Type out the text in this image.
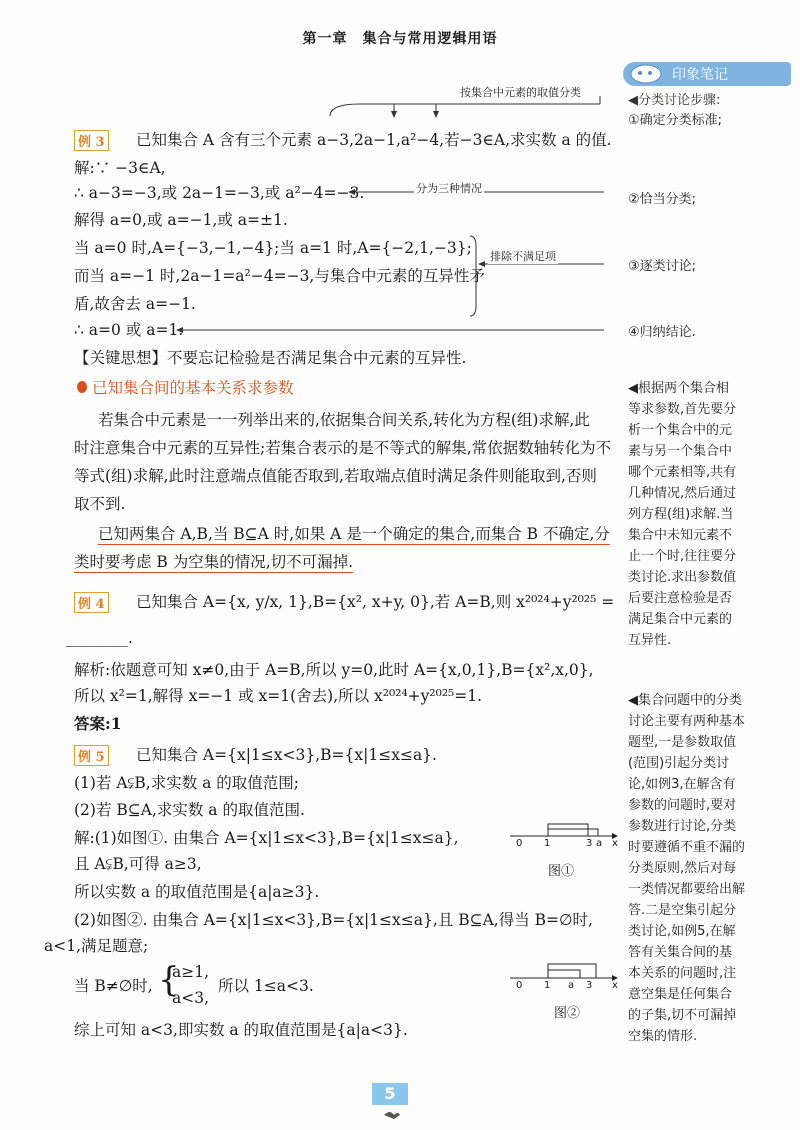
第一章　集合与常用逻辑用语
印象笔记
◀分类讨论步骤:
①确定分类标准;
②恰当分类;
③逐类讨论;
④归纳结论.
◀根据两个集合相
等求参数,首先要分
析一个集合中的元
素与另一个集合中
哪个元素相等,共有
几种情况,然后通过
列方程(组)求解.当
集合中未知元素不
止一个时,往往要分
类讨论.求出参数值
后要注意检验是否
满足集合中元素的
互异性.
◀集合问题中的分类
讨论主要有两种基本
题型,一是参数取值
(范围)引起分类讨
论,如例3,在解含有
参数的问题时,要对
参数进行讨论,分类
时要遵循不重不漏的
分类原则,然后对每
一类情况都要给出解
答.二是空集引起分
类讨论,如例5,在解
答有关集合间的基
本关系的问题时,注
意空集是任何集合
的子集,切不可漏掉
空集的情形.
按集合中元素的取值分类
分为三种情况
排除不满足项
例 3 已知集合 A 含有三个元素 a−3,2a−1,a²−4,若−3∈A,求实数 a 的值.
解:∵ −3∈A,
∴ a−3=−3,或 2a−1=−3,或 a²−4=−3.
解得 a=0,或 a=−1,或 a=±1.
当 a=0 时,A={−3,−1,−4};当 a=1 时,A={−2,1,−3};
而当 a=−1 时,2a−1=a²−4=−3,与集合中元素的互异性矛
盾,故舍去 a=−1.
∴ a=0 或 a=1.
【关键思想】不要忘记检验是否满足集合中元素的互异性.
已知集合间的基本关系求参数
若集合中元素是一一列举出来的,依据集合间关系,转化为方程(组)求解,此
时注意集合中元素的互异性;若集合表示的是不等式的解集,常依据数轴转化为不
等式(组)求解,此时注意端点值能否取到,若取端点值时满足条件则能取到,否则
取不到.
已知两集合 A,B,当 B⊆A 时,如果 A 是一个确定的集合,而集合 B 不确定,分
类时要考虑 B 为空集的情况,切不可漏掉.
例 4 已知集合 A={x, y/x, 1},B={x², x+y, 0},若 A=B,则 x²⁰²⁴+y²⁰²⁵ =
________.
解析:依题意可知 x≠0,由于 A=B,所以 y=0,此时 A={x,0,1},B={x²,x,0},
所以 x²=1,解得 x=−1 或 x=1(舍去),所以 x²⁰²⁴+y²⁰²⁵=1.
答案:1
例 5 已知集合 A={x|1≤x<3},B={x|1≤x≤a}.
(1)若 A⫋B,求实数 a 的取值范围;
(2)若 B⊆A,求实数 a 的取值范围.
解:(1)如图①. 由集合 A={x|1≤x<3},B={x|1≤x≤a},
且 A⫋B,可得 a≥3,
所以实数 a 的取值范围是{a|a≥3}.
(2)如图②. 由集合 A={x|1≤x<3},B={x|1≤x≤a},且 B⊆A,得当 B=∅时,
a<1,满足题意;
当 B≠∅时, {
a≥1,
a<3,
所以 1≤a<3.
综上可知 a<3,即实数 a 的取值范围是{a|a<3}.
0 1	3 a x
图①
0 1 a 3 x
图②
5
